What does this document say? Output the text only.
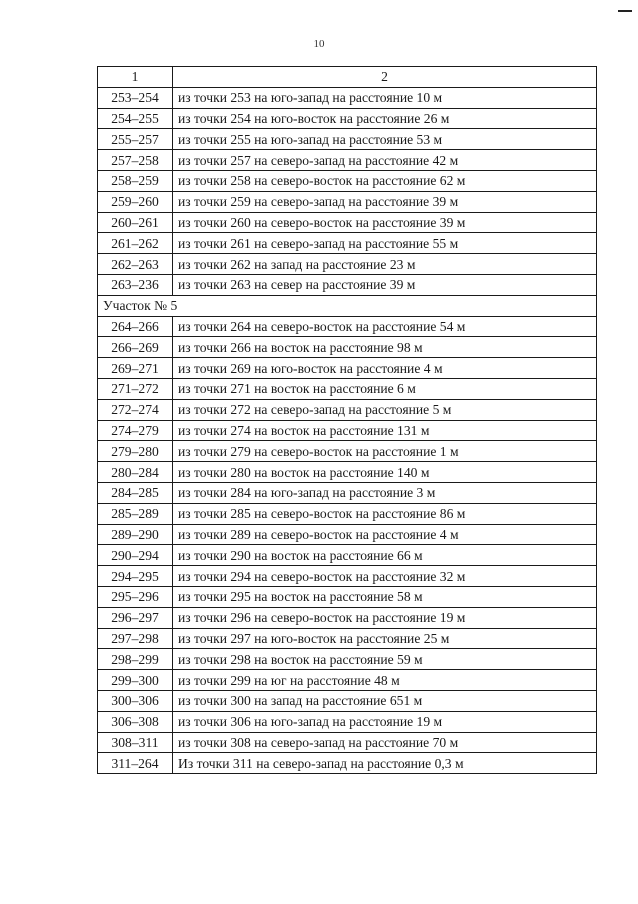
10
1	2
253–254	из точки 253 на юго-запад на расстояние 10 м
254–255	из точки 254 на юго-восток на расстояние 26 м
255–257	из точки 255 на юго-запад на расстояние 53 м
257–258	из точки 257 на северо-запад на расстояние 42 м
258–259	из точки 258 на северо-восток на расстояние 62 м
259–260	из точки 259 на северо-запад на расстояние 39 м
260–261	из точки 260 на северо-восток на расстояние 39 м
261–262	из точки 261 на северо-запад на расстояние 55 м
262–263	из точки 262 на запад на расстояние 23 м
263–236	из точки 263 на север на расстояние 39 м
Участок № 5	
264–266	из точки 264 на северо-восток на расстояние 54 м
266–269	из точки 266 на восток на расстояние 98 м
269–271	из точки 269 на юго-восток на расстояние 4 м
271–272	из точки 271 на восток на расстояние 6 м
272–274	из точки 272 на северо-запад на расстояние 5 м
274–279	из точки 274 на восток на расстояние 131 м
279–280	из точки 279 на северо-восток на расстояние 1 м
280–284	из точки 280 на восток на расстояние 140 м
284–285	из точки 284 на юго-запад на расстояние 3 м
285–289	из точки 285 на северо-восток на расстояние 86 м
289–290	из точки 289 на северо-восток на расстояние 4 м
290–294	из точки 290 на восток на расстояние 66 м
294–295	из точки 294 на северо-восток на расстояние 32 м
295–296	из точки 295 на восток на расстояние 58 м
296–297	из точки 296 на северо-восток на расстояние 19 м
297–298	из точки 297 на юго-восток на расстояние 25 м
298–299	из точки 298 на восток на расстояние 59 м
299–300	из точки 299 на юг на расстояние 48 м
300–306	из точки 300 на запад на расстояние 651 м
306–308	из точки 306 на юго-запад на расстояние 19 м
308–311	из точки 308 на северо-запад на расстояние 70 м
311–264	Из точки 311 на северо-запад на расстояние 0,3 м
